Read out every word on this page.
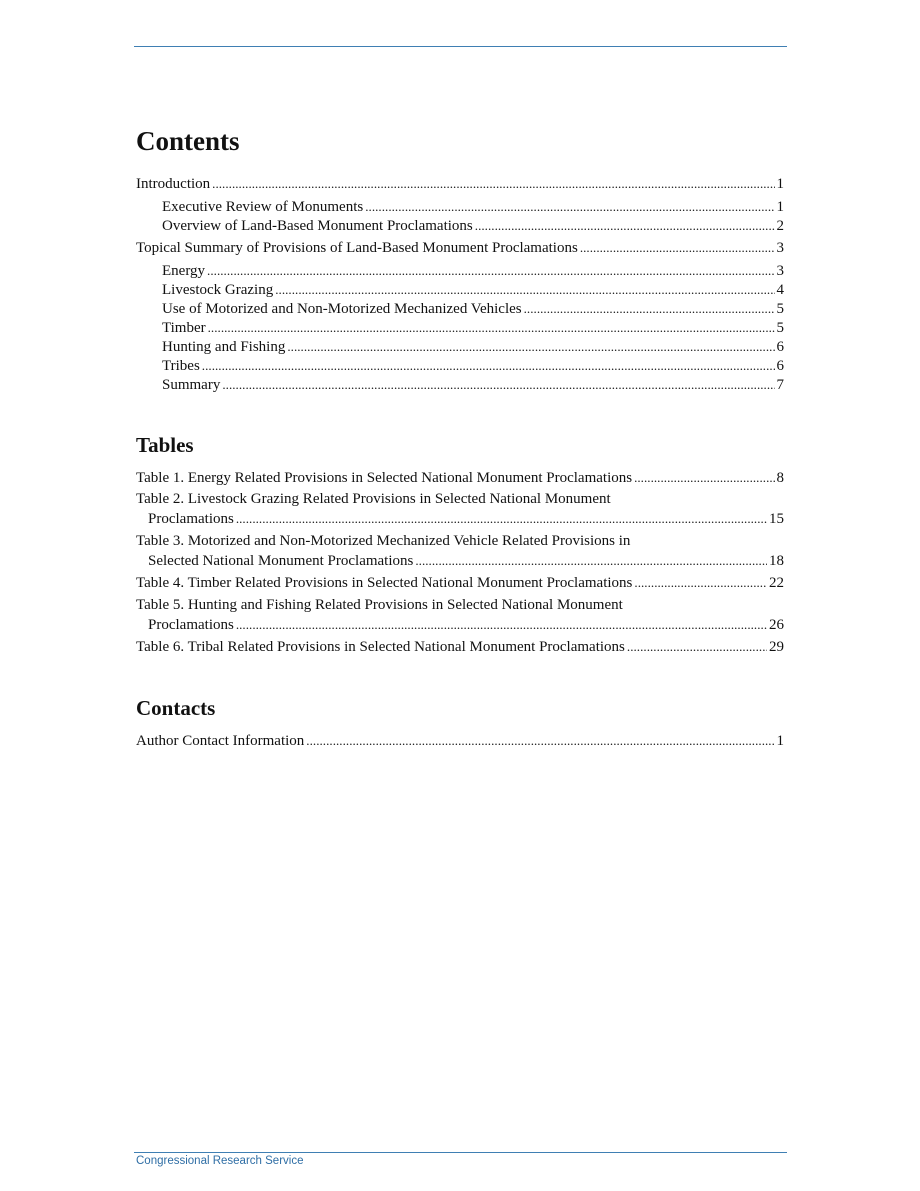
Contents
Introduction . . .	1
Executive Review of Monuments . . .	1
Overview of Land-Based Monument Proclamations . . .	2
Topical Summary of Provisions of Land-Based Monument Proclamations . . .	3
Energy . . .	3
Livestock Grazing . . .	4
Use of Motorized and Non-Motorized Mechanized Vehicles . . .	5
Timber . . .	5
Hunting and Fishing . . .	6
Tribes . . .	6
Summary . . .	7
Tables
Table 1. Energy Related Provisions in Selected National Monument Proclamations . . .	8
Table 2. Livestock Grazing Related Provisions in Selected National Monument
Proclamations . . .	15
Table 3. Motorized and Non-Motorized Mechanized Vehicle Related Provisions in
Selected National Monument Proclamations . . .	18
Table 4. Timber Related Provisions in Selected National Monument Proclamations . . .	22
Table 5. Hunting and Fishing Related Provisions in Selected National Monument
Proclamations . . .	26
Table 6. Tribal Related Provisions in Selected National Monument Proclamations . . .	29
Contacts
Author Contact Information . . .	1
Congressional Research Service
